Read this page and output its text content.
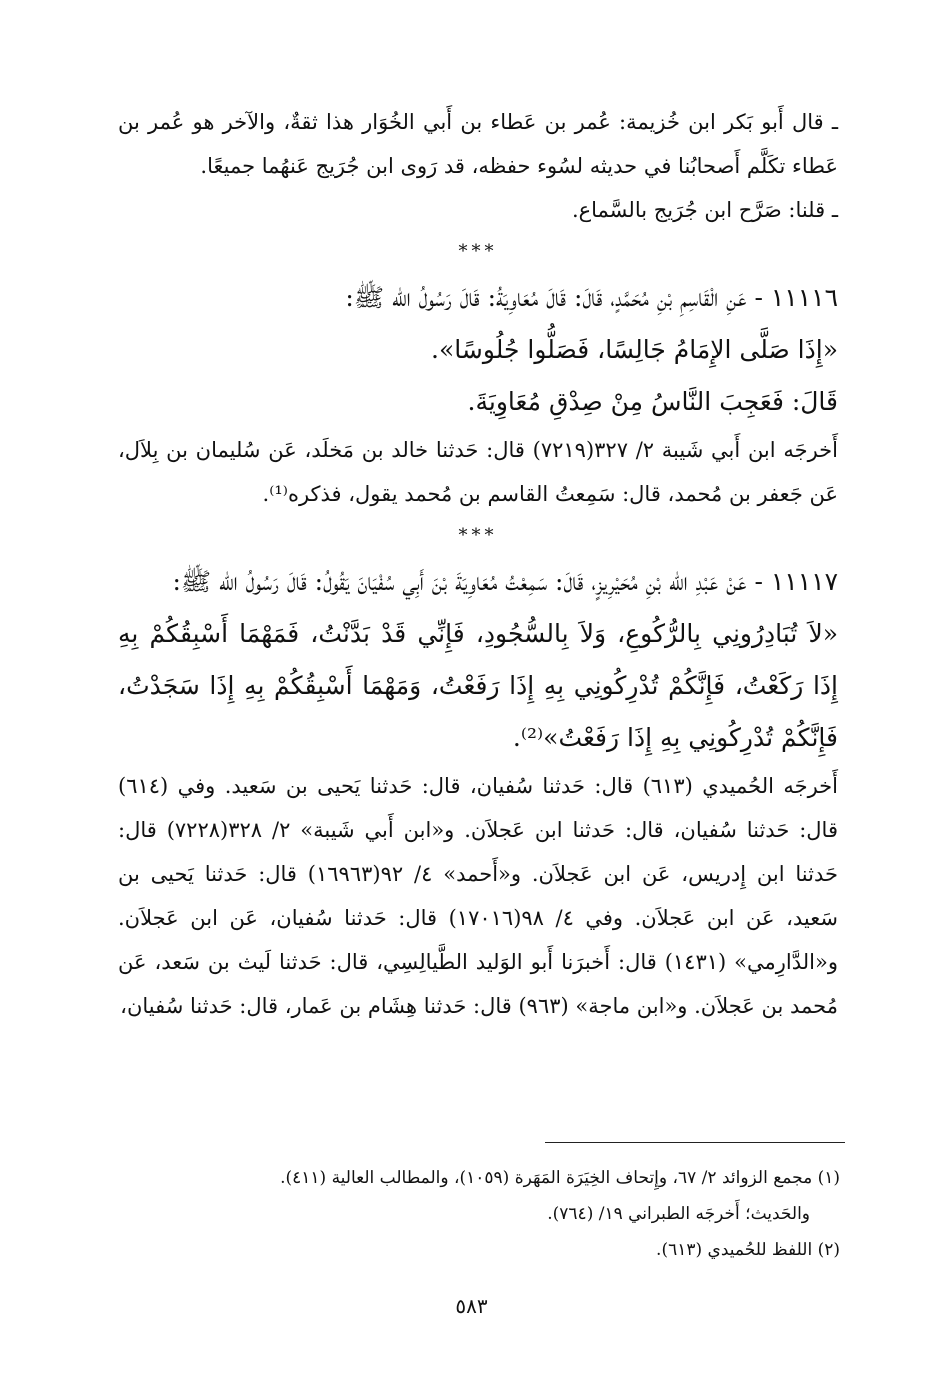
ـ قال أَبو بَكر ابن خُزيمة: عُمر بن عَطاء بن أَبي الخُوَار هذا ثقةٌ، والآخر هو عُمر بن عَطاء تكَلَّم أَصحابُنا في حديثه لسُوء حفظه، قد رَوى ابن جُرَيج عَنهُما جميعًا.

ـ قلنا: صَرَّح ابن جُرَيج بالسَّماع.

***

١١١١٦ - عَنِ الْقَاسِمِ بْنِ مُحَمَّدٍ، قَالَ: قَالَ مُعَاوِيَةُ: قَالَ رَسُولُ الله ﷺ:

«إِذَا صَلَّى الإِمَامُ جَالِسًا، فَصَلُّوا جُلُوسًا».

قَالَ: فَعَجِبَ النَّاسُ مِنْ صِدْقِ مُعَاوِيَةَ.

أَخرجَه ابن أَبي شَيبة ٢/ ٣٢٧(٧٢١٩) قال: حَدثنا خالد بن مَخلَد، عَن سُليمان بن بِلاَل، عَن جَعفر بن مُحمد، قال: سَمِعتُ القاسم بن مُحمد يقول، فذكره⁽¹⁾.

***

١١١١٧ - عَنْ عَبْدِ الله بْنِ مُحَيْرِيزٍ، قَالَ: سَمِعْتُ مُعَاوِيَةَ بْنَ أَبِي سُفْيَانَ يَقُولُ: قَالَ رَسُولُ الله ﷺ:

«لاَ تُبَادِرُونِي بِالرُّكُوعِ، وَلاَ بِالسُّجُودِ، فَإِنِّي قَدْ بَدَّنْتُ، فَمَهْمَا أَسْبِقُكُمْ بِهِ إِذَا رَكَعْتُ، فَإِنَّكُمْ تُدْرِكُونِي بِهِ إِذَا رَفَعْتُ، وَمَهْمَا أَسْبِقُكُمْ بِهِ إِذَا سَجَدْتُ، فَإِنَّكُمْ تُدْرِكُونِي بِهِ إِذَا رَفَعْتُ»⁽²⁾.

أَخرجَه الحُميدي (٦١٣) قال: حَدثنا سُفيان، قال: حَدثنا يَحيى بن سَعيد. وفي (٦١٤) قال: حَدثنا سُفيان، قال: حَدثنا ابن عَجلاَن. و«ابن أَبي شَيبة» ٢/ ٣٢٨(٧٢٢٨) قال: حَدثنا ابن إِدريس، عَن ابن عَجلاَن. و«أَحمد» ٤/ ٩٢(١٦٩٦٣) قال: حَدثنا يَحيى بن سَعيد، عَن ابن عَجلاَن. وفي ٤/ ٩٨(١٧٠١٦) قال: حَدثنا سُفيان، عَن ابن عَجلاَن. و«الدَّارِمي» (١٤٣١) قال: أَخبرَنا أَبو الوَليد الطَّيالِسِي، قال: حَدثنا لَيث بن سَعد، عَن مُحمد بن عَجلاَن. و«ابن ماجة» (٩٦٣) قال: حَدثنا هِشَام بن عَمار، قال: حَدثنا سُفيان،

(١) مجمع الزوائد ٢/ ٦٧، وإِتحاف الخِيَرَة المَهَرة (١٠٥٩)، والمطالب العالية (٤١١).

والحَديث؛ أَخرجَه الطبراني ١٩/ (٧٦٤).

(٢) اللفظ للحُميدي (٦١٣).

٥٨٣
